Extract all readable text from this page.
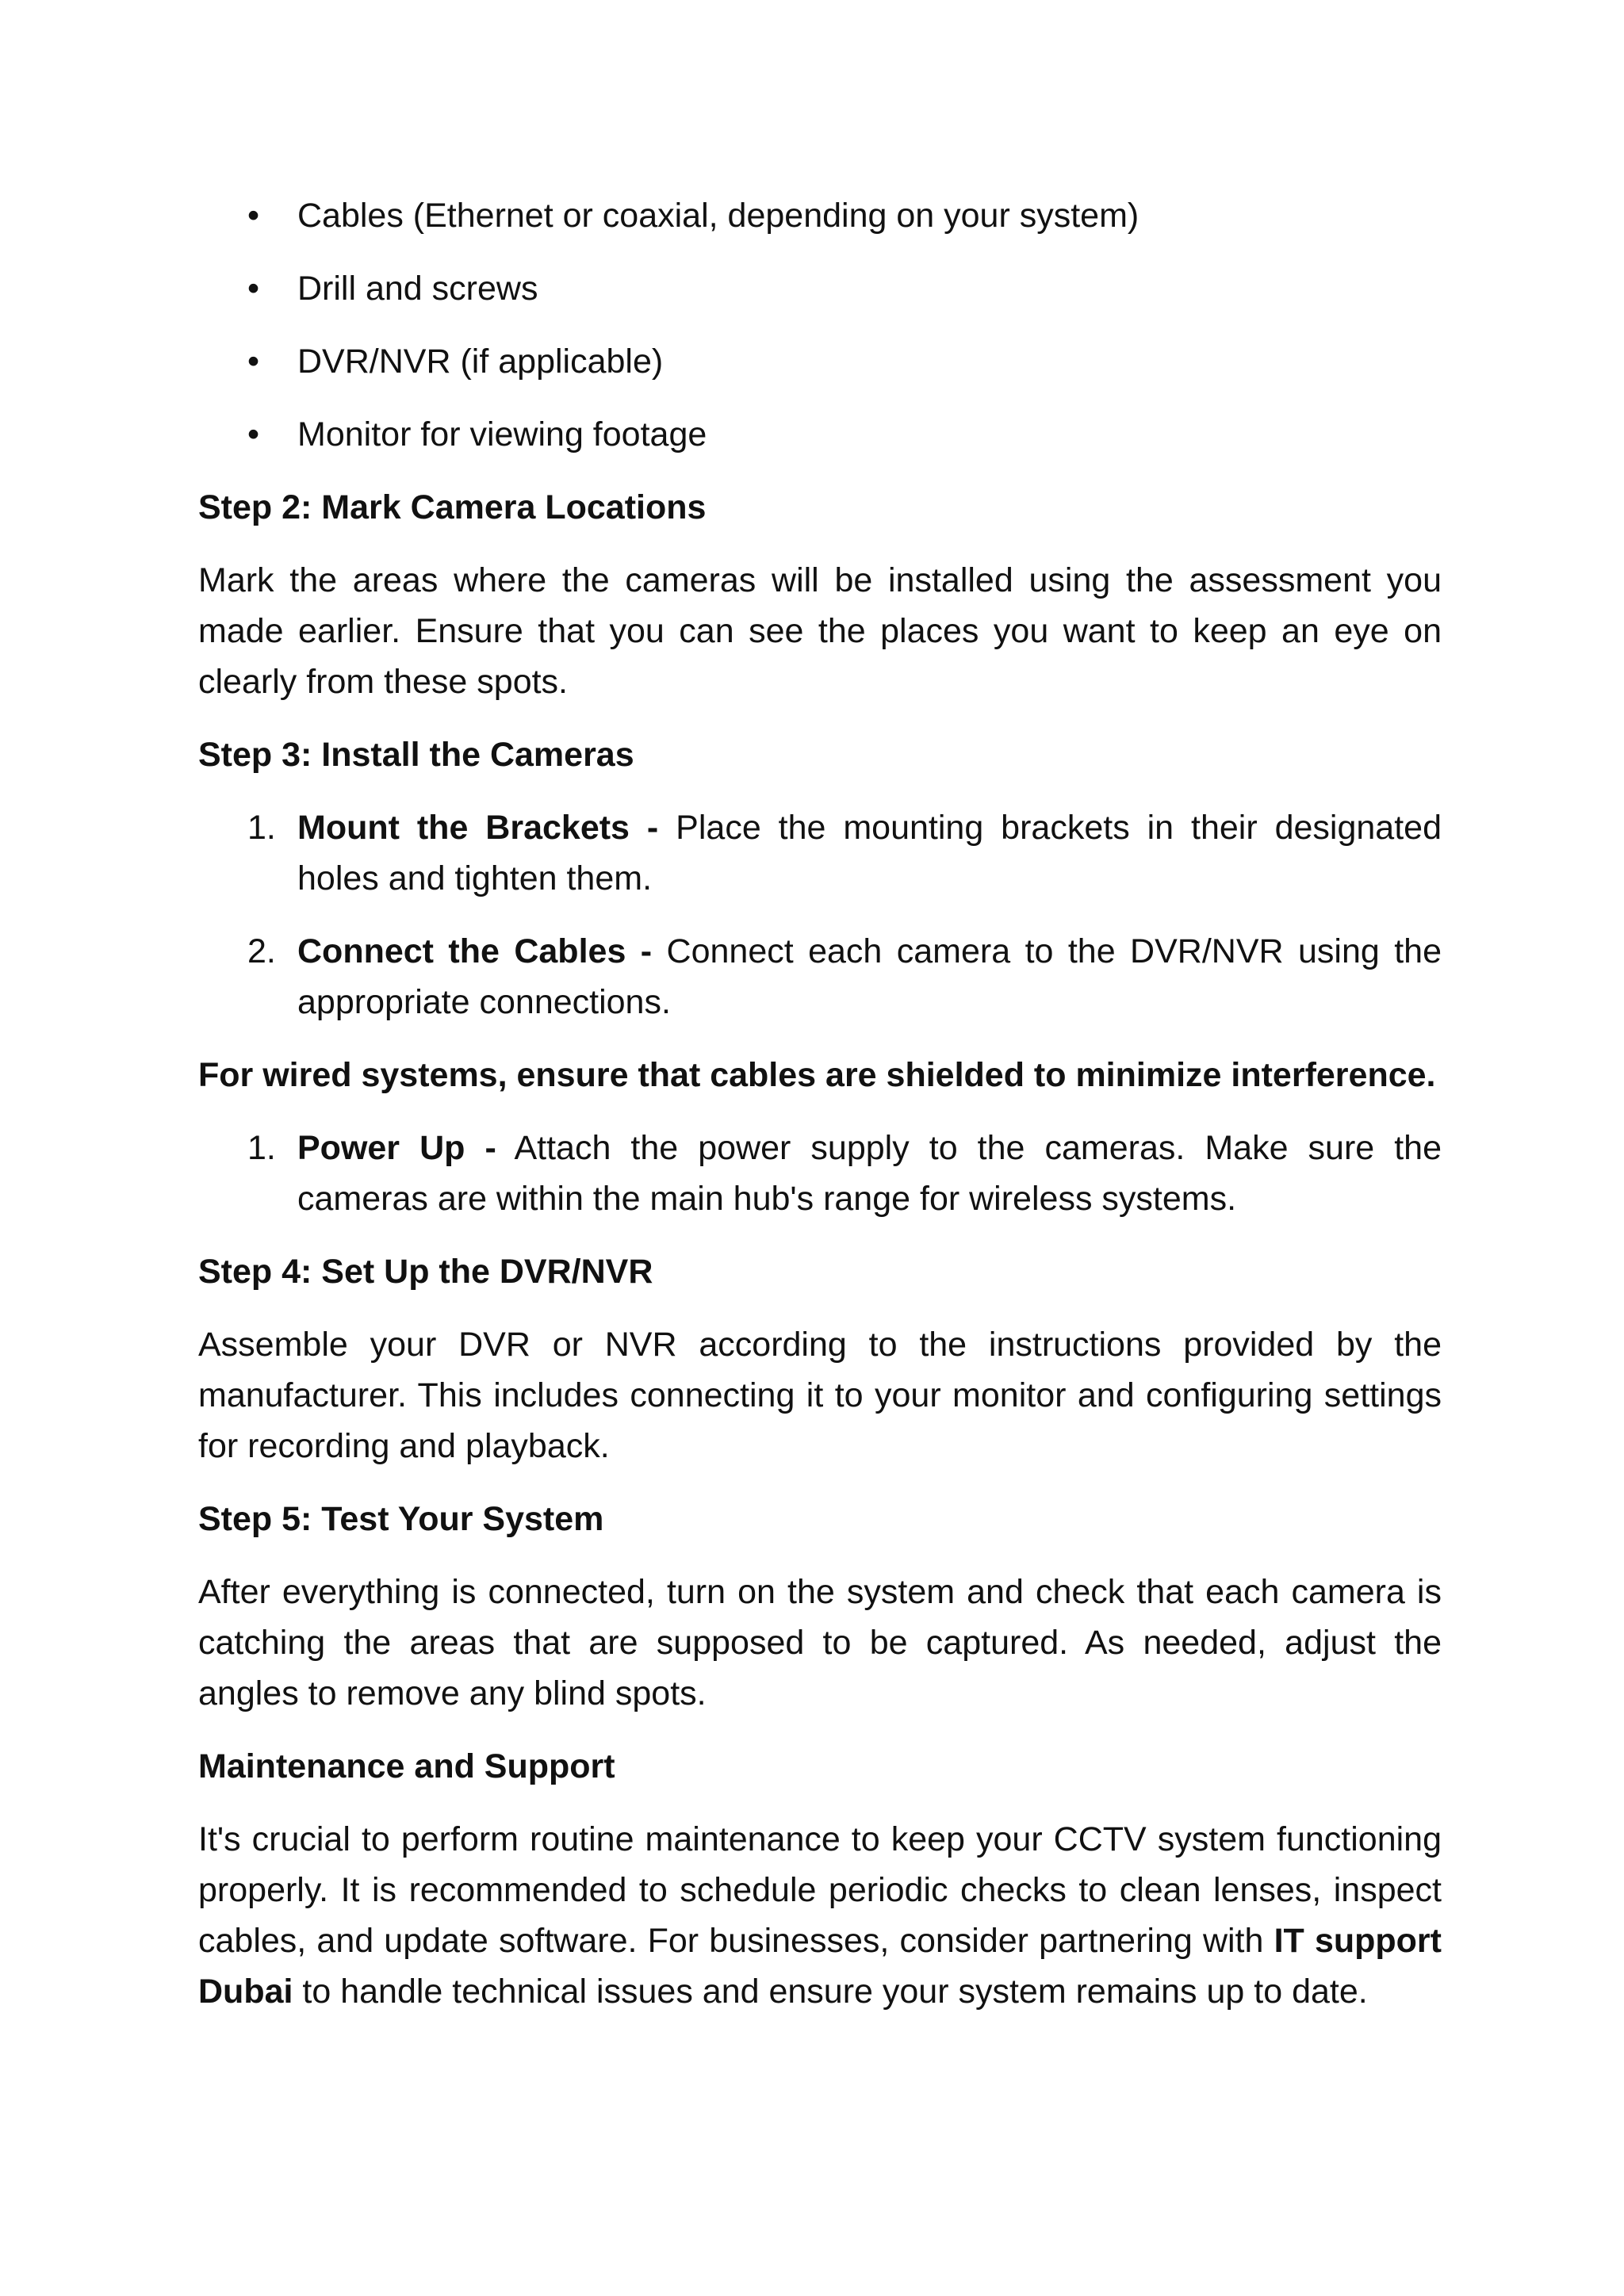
• Cables (Ethernet or coaxial, depending on your system)
• Drill and screws
• DVR/NVR (if applicable)
• Monitor for viewing footage
Step 2: Mark Camera Locations

Mark the areas where the cameras will be installed using the assessment you made earlier. Ensure that you can see the places you want to keep an eye on clearly from these spots.

Step 3: Install the Cameras
1. Mount the Brackets - Place the mounting brackets in their designated holes and tighten them.
2. Connect the Cables - Connect each camera to the DVR/NVR using the appropriate connections.
For wired systems, ensure that cables are shielded to minimize interference.
1. Power Up - Attach the power supply to the cameras. Make sure the cameras are within the main hub's range for wireless systems.
Step 4: Set Up the DVR/NVR

Assemble your DVR or NVR according to the instructions provided by the manufacturer. This includes connecting it to your monitor and configuring settings for recording and playback.

Step 5: Test Your System

After everything is connected, turn on the system and check that each camera is catching the areas that are supposed to be captured. As needed, adjust the angles to remove any blind spots.

Maintenance and Support

It's crucial to perform routine maintenance to keep your CCTV system functioning properly. It is recommended to schedule periodic checks to clean lenses, inspect cables, and update software. For businesses, consider partnering with IT support Dubai to handle technical issues and ensure your system remains up to date.
